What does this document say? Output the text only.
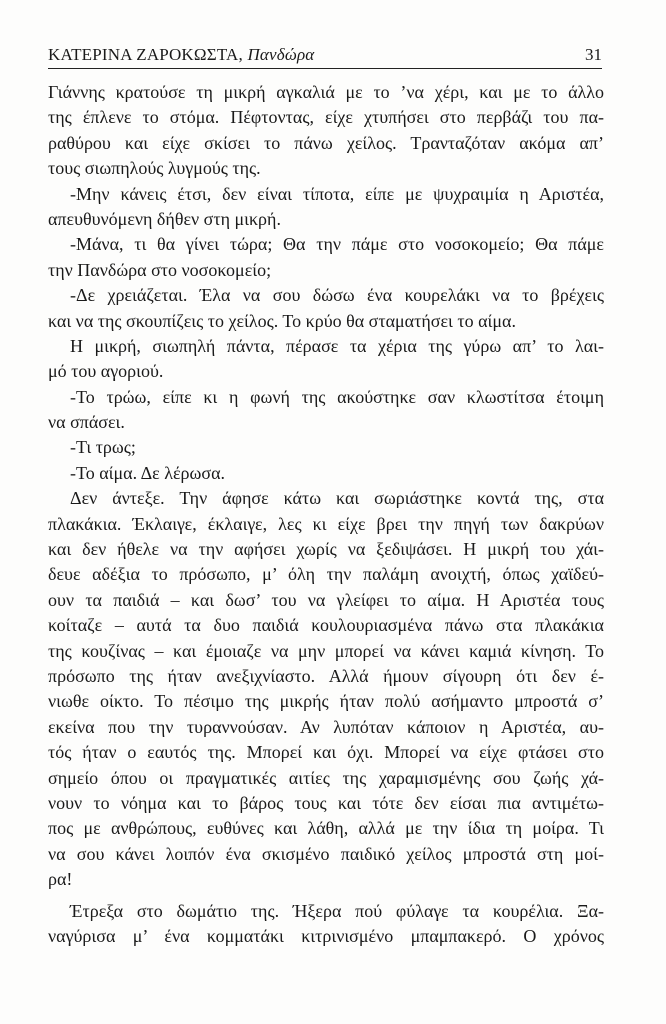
ΚΑΤΕΡΙΝΑ ΖΑΡΟΚΩΣΤΑ, Πανδώρα	31
Γιάννης κρατούσε τη μικρή αγκαλιά με το ’να χέρι, και με το άλλο
της έπλενε το στόμα. Πέφτοντας, είχε χτυπήσει στο περβάζι του πα-
ραθύρου και είχε σκίσει το πάνω χείλος. Τρανταζόταν ακόμα απ’
τους σιωπηλούς λυγμούς της.
-Μην κάνεις έτσι, δεν είναι τίποτα, είπε με ψυχραιμία η Αριστέα,
απευθυνόμενη δήθεν στη μικρή.
-Μάνα, τι θα γίνει τώρα; Θα την πάμε στο νοσοκομείο; Θα πάμε
την Πανδώρα στο νοσοκομείο;
-Δε χρειάζεται. Έλα να σου δώσω ένα κουρελάκι να το βρέχεις
και να της σκουπίζεις το χείλος. Το κρύο θα σταματήσει το αίμα.
Η μικρή, σιωπηλή πάντα, πέρασε τα χέρια της γύρω απ’ το λαι-
μό του αγοριού.
-Το τρώω, είπε κι η φωνή της ακούστηκε σαν κλωστίτσα έτοιμη
να σπάσει.
-Τι τρως;
-Το αίμα. Δε λέρωσα.
Δεν άντεξε. Την άφησε κάτω και σωριάστηκε κοντά της, στα
πλακάκια. Έκλαιγε, έκλαιγε, λες κι είχε βρει την πηγή των δακρύων
και δεν ήθελε να την αφήσει χωρίς να ξεδιψάσει. Η μικρή του χάι-
δευε αδέξια το πρόσωπο, μ’ όλη την παλάμη ανοιχτή, όπως χαϊδεύ-
ουν τα παιδιά – και δωσ’ του να γλείφει το αίμα. Η Αριστέα τους
κοίταζε – αυτά τα δυο παιδιά κουλουριασμένα πάνω στα πλακάκια
της κουζίνας – και έμοιαζε να μην μπορεί να κάνει καμιά κίνηση. Το
πρόσωπο της ήταν ανεξιχνίαστο. Αλλά ήμουν σίγουρη ότι δεν έ-
νιωθε οίκτο. Το πέσιμο της μικρής ήταν πολύ ασήμαντο μπροστά σ’
εκείνα που την τυραννούσαν. Αν λυπόταν κάποιον η Αριστέα, αυ-
τός ήταν ο εαυτός της. Μπορεί και όχι. Μπορεί να είχε φτάσει στο
σημείο όπου οι πραγματικές αιτίες της χαραμισμένης σου ζωής χά-
νουν το νόημα και το βάρος τους και τότε δεν είσαι πια αντιμέτω-
πος με ανθρώπους, ευθύνες και λάθη, αλλά με την ίδια τη μοίρα. Τι
να σου κάνει λοιπόν ένα σκισμένο παιδικό χείλος μπροστά στη μοί-
ρα!
Έτρεξα στο δωμάτιο της. Ήξερα πού φύλαγε τα κουρέλια. Ξα-
ναγύρισα μ’ ένα κομματάκι κιτρινισμένο μπαμπακερό. Ο χρόνος
